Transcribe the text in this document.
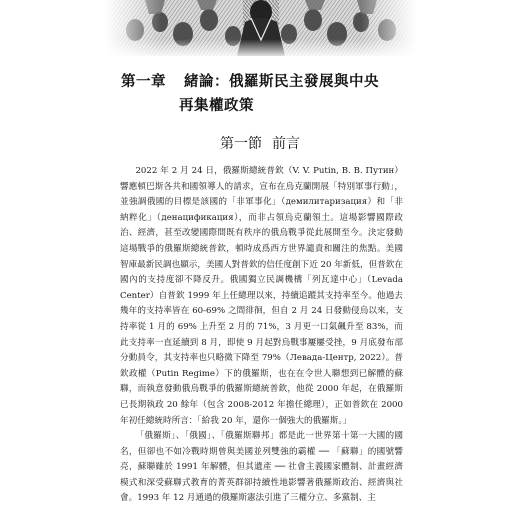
第一章 緒論：俄羅斯民主發展與中央
再集權政策
第一節 前言

2022 年 2 月 24 日，俄羅斯總統普欽（V. V. Putin, B. B. Путин）響應頓巴斯各共和國領導人的請求，宣布在烏克蘭開展「特別軍事行動」，並強調俄國的目標是該國的「非軍事化」（демилитаризация）和「非納粹化」（денацификация），而非占領烏克蘭領土。這場影響國際政治、經濟，甚至改變國際間既有秩序的俄烏戰爭從此展開至今。決定發動這場戰爭的俄羅斯總統普欽，頓時成爲西方世界譴責和關注的焦點。美國智庫最新民調也顯示，美國人對普欽的信任度創下近 20 年新低，但普欽在國內的支持度卻不降反升。俄國獨立民調機構「列瓦達中心」（Levada Center）自普欽 1999 年上任總理以來，持續追蹤其支持率至今。他過去幾年的支持率皆在 60-69% 之間徘徊，但自 2 月 24 日發動侵烏以來，支持率從 1 月的 69% 上升至 2 月的 71%，3 月更一口氣飆升至 83%，而此支持率一直延續到 8 月，即使 9 月起對烏戰事屢屢受挫，9 月底發布部分動員令，其支持率也只略微下降至 79%（Левада-Центр, 2022）。普欽政權（Putin Regime）下的俄羅斯，也在在令世人聯想到已解體的蘇聯，而執意發動俄烏戰爭的俄羅斯總統普欽，他從 2000 年起，在俄羅斯已長期執政 20 餘年（包含 2008-2012 年擔任總理），正如普欽在 2000 年初任總統時所言：「給我 20 年，還你一個強大的俄羅斯。」

「俄羅斯」、「俄國」、「俄羅斯聯邦」都是此一世界第十第一大國的國名，但卻也不如冷戰時期曾與美國並列雙強的霸權 ── 「蘇聯」的國號響亮，蘇聯雖於 1991 年解體，但其遺產 ── 社會主義國家體制、計畫經濟模式和深受蘇聯式教育的菁英群卻持續性地影響著俄羅斯政治、經濟與社會。1993 年 12 月通過的俄羅斯憲法引進了三權分立、多黨制、主
